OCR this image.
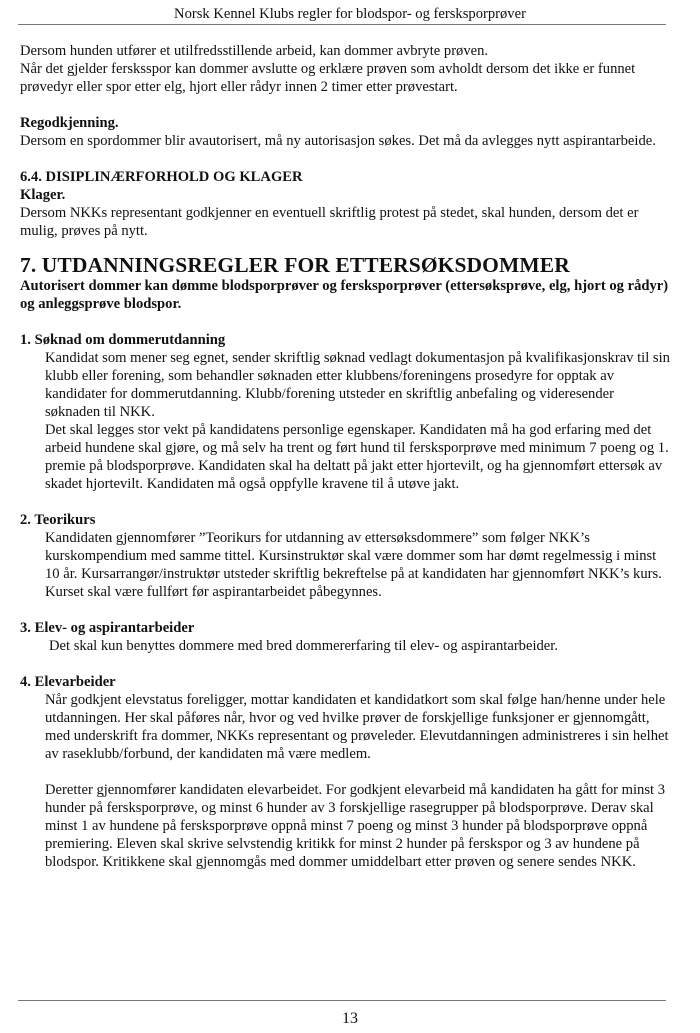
Norsk Kennel Klubs regler for blodspor- og fersksporprøver

Dersom hunden utfører et utilfredsstillende arbeid, kan dommer avbryte prøven.

Når det gjelder fersksspor kan dommer avslutte og erklære prøven som avholdt dersom det ikke er funnet prøvedyr eller spor etter elg, hjort eller rådyr innen 2 timer etter prøvestart.

Regodkjenning.

Dersom en spordommer blir avautorisert, må ny autorisasjon søkes. Det må da avlegges nytt aspirantarbeide.

6.4. DISIPLINÆRFORHOLD OG KLAGER

Klager.

Dersom NKKs representant godkjenner en eventuell skriftlig protest på stedet, skal hunden, dersom det er mulig, prøves på nytt.

7. UTDANNINGSREGLER FOR ETTERSØKSDOMMER

Autorisert dommer kan dømme blodsporprøver og fersksporprøver (ettersøksprøve, elg, hjort og rådyr) og anleggsprøve blodspor.

1. Søknad om dommerutdanning

Kandidat som mener seg egnet, sender skriftlig søknad vedlagt dokumentasjon på kvalifikasjonskrav til sin klubb eller forening, som behandler søknaden etter klubbens/foreningens prosedyre for opptak av kandidater for dommerutdanning. Klubb/forening utsteder en skriftlig anbefaling og videresender søknaden til NKK.

Det skal legges stor vekt på kandidatens personlige egenskaper. Kandidaten må ha god erfaring med det arbeid hundene skal gjøre, og må selv ha trent og ført hund til fersksporprøve med minimum 7 poeng og 1. premie på blodsporprøve. Kandidaten skal ha deltatt på jakt etter hjortevilt, og ha gjennomført ettersøk av skadet hjortevilt. Kandidaten må også oppfylle kravene til å utøve jakt.

2. Teorikurs

Kandidaten gjennomfører ”Teorikurs for utdanning av ettersøksdommere” som følger NKK’s kurskompendium med samme tittel. Kursinstruktør skal være dommer som har dømt regelmessig i minst 10 år. Kursarrangør/instruktør utsteder skriftlig bekreftelse på at kandidaten har gjennomført NKK’s kurs. Kurset skal være fullført før aspirantarbeidet påbegynnes.

3. Elev- og aspirantarbeider

Det skal kun benyttes dommere med bred dommererfaring til elev- og aspirantarbeider.

4. Elevarbeider

Når godkjent elevstatus foreligger, mottar kandidaten et kandidatkort som skal følge han/henne under hele utdanningen. Her skal påføres når, hvor og ved hvilke prøver de forskjellige funksjoner er gjennomgått, med underskrift fra dommer, NKKs representant og prøveleder. Elevutdanningen administreres i sin helhet av raseklubb/forbund, der kandidaten må være medlem.

Deretter gjennomfører kandidaten elevarbeidet. For godkjent elevarbeid må kandidaten ha gått for minst 3 hunder på fersksporprøve, og minst 6 hunder av 3 forskjellige rasegrupper på blodsporprøve. Derav skal minst 1 av hundene på fersksporprøve oppnå minst 7 poeng og minst 3 hunder på blodsporprøve oppnå premiering. Eleven skal skrive selvstendig kritikk for minst 2 hunder på ferskspor og 3 av hundene på blodspor. Kritikkene skal gjennomgås med dommer umiddelbart etter prøven og senere sendes NKK.

13
